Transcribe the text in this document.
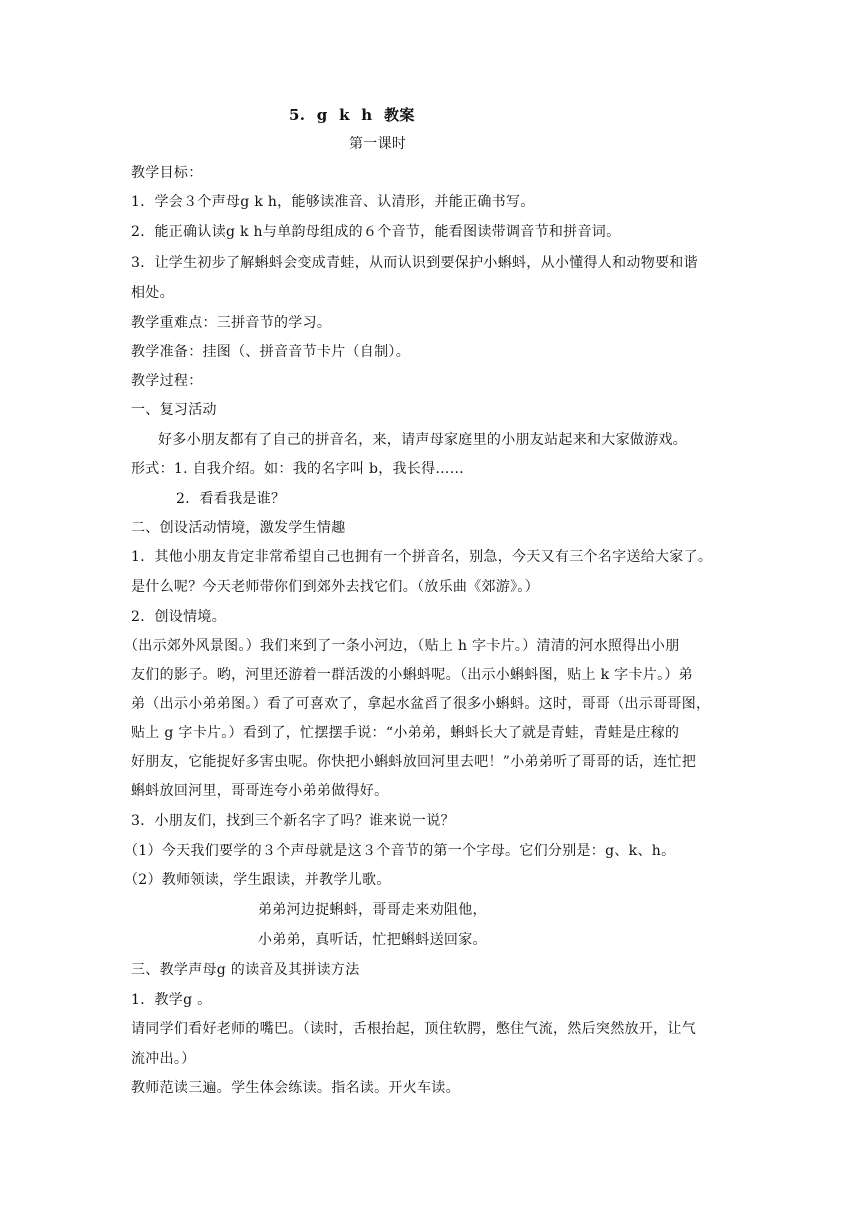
5. g k h 教案
第一课时
教学目标：
1．学会３个声母g k h，能够读准音、认清形，并能正确书写。
2．能正确认读g k h与单韵母组成的６个音节，能看图读带调音节和拼音词。
3．让学生初步了解蝌蚪会变成青蛙，从而认识到要保护小蝌蚪，从小懂得人和动物要和谐
相处。
教学重难点：三拼音节的学习。
教学准备：挂图（、拼音音节卡片（自制）。
教学过程：
一、复习活动
好多小朋友都有了自己的拼音名，来，请声母家庭里的小朋友站起来和大家做游戏。
形式：1. 自我介绍。如：我的名字叫 b，我长得……
2．看看我是谁？
二、创设活动情境，激发学生情趣
1．其他小朋友肯定非常希望自己也拥有一个拼音名，别急，今天又有三个名字送给大家了。
是什么呢？今天老师带你们到郊外去找它们。（放乐曲《郊游》。）
2．创设情境。
（出示郊外风景图。）我们来到了一条小河边，（贴上 h 字卡片。）清清的河水照得出小朋
友们的影子。哟，河里还游着一群活泼的小蝌蚪呢。（出示小蝌蚪图，贴上 k 字卡片。）弟
弟（出示小弟弟图。）看了可喜欢了，拿起水盆舀了很多小蝌蚪。这时，哥哥（出示哥哥图，
贴上 g 字卡片。）看到了，忙摆摆手说：“小弟弟，蝌蚪长大了就是青蛙，青蛙是庄稼的
好朋友，它能捉好多害虫呢。你快把小蝌蚪放回河里去吧！”小弟弟听了哥哥的话，连忙把
蝌蚪放回河里，哥哥连夸小弟弟做得好。
3．小朋友们，找到三个新名字了吗？谁来说一说？
（1）今天我们要学的３个声母就是这３个音节的第一个字母。它们分别是：g、k、h。
（2）教师领读，学生跟读，并教学儿歌。
弟弟河边捉蝌蚪，哥哥走来劝阻他，
小弟弟，真听话，忙把蝌蚪送回家。
三、教学声母g 的读音及其拼读方法
1．教学g 。
请同学们看好老师的嘴巴。（读时，舌根抬起，顶住软腭，憋住气流，然后突然放开，让气
流冲出。）
教师范读三遍。学生体会练读。指名读。开火车读。
